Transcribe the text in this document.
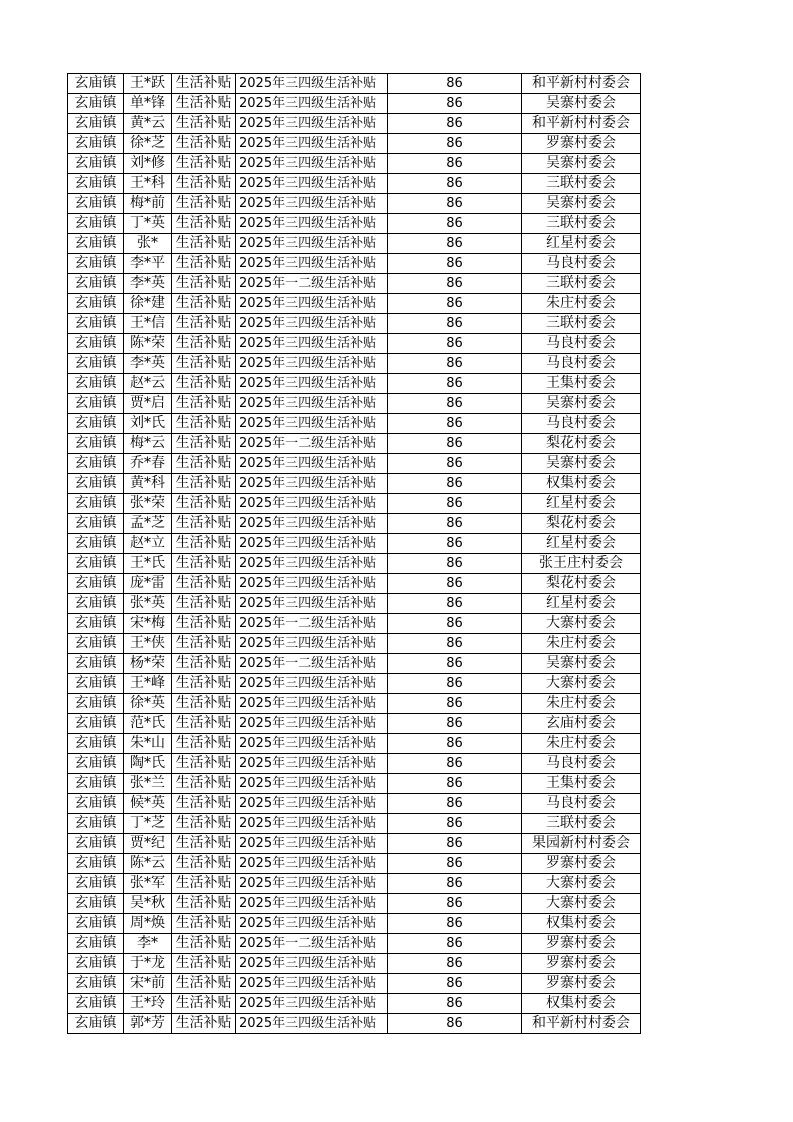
玄庙镇	王*跃	生活补贴	2025年三四级生活补贴	86	和平新村村委会
玄庙镇	单*锋	生活补贴	2025年三四级生活补贴	86	吴寨村委会
玄庙镇	黄*云	生活补贴	2025年三四级生活补贴	86	和平新村村委会
玄庙镇	徐*芝	生活补贴	2025年三四级生活补贴	86	罗寨村委会
玄庙镇	刘*修	生活补贴	2025年三四级生活补贴	86	吴寨村委会
玄庙镇	王*科	生活补贴	2025年三四级生活补贴	86	三联村委会
玄庙镇	梅*前	生活补贴	2025年三四级生活补贴	86	吴寨村委会
玄庙镇	丁*英	生活补贴	2025年三四级生活补贴	86	三联村委会
玄庙镇	张*	生活补贴	2025年三四级生活补贴	86	红星村委会
玄庙镇	李*平	生活补贴	2025年三四级生活补贴	86	马良村委会
玄庙镇	李*英	生活补贴	2025年一二级生活补贴	86	三联村委会
玄庙镇	徐*建	生活补贴	2025年三四级生活补贴	86	朱庄村委会
玄庙镇	王*信	生活补贴	2025年三四级生活补贴	86	三联村委会
玄庙镇	陈*荣	生活补贴	2025年三四级生活补贴	86	马良村委会
玄庙镇	李*英	生活补贴	2025年三四级生活补贴	86	马良村委会
玄庙镇	赵*云	生活补贴	2025年三四级生活补贴	86	王集村委会
玄庙镇	贾*启	生活补贴	2025年三四级生活补贴	86	吴寨村委会
玄庙镇	刘*氏	生活补贴	2025年三四级生活补贴	86	马良村委会
玄庙镇	梅*云	生活补贴	2025年一二级生活补贴	86	梨花村委会
玄庙镇	乔*春	生活补贴	2025年三四级生活补贴	86	吴寨村委会
玄庙镇	黄*科	生活补贴	2025年三四级生活补贴	86	权集村委会
玄庙镇	张*荣	生活补贴	2025年三四级生活补贴	86	红星村委会
玄庙镇	孟*芝	生活补贴	2025年三四级生活补贴	86	梨花村委会
玄庙镇	赵*立	生活补贴	2025年三四级生活补贴	86	红星村委会
玄庙镇	王*氏	生活补贴	2025年三四级生活补贴	86	张王庄村委会
玄庙镇	庞*雷	生活补贴	2025年三四级生活补贴	86	梨花村委会
玄庙镇	张*英	生活补贴	2025年三四级生活补贴	86	红星村委会
玄庙镇	宋*梅	生活补贴	2025年一二级生活补贴	86	大寨村委会
玄庙镇	王*侠	生活补贴	2025年三四级生活补贴	86	朱庄村委会
玄庙镇	杨*荣	生活补贴	2025年一二级生活补贴	86	吴寨村委会
玄庙镇	王*峰	生活补贴	2025年三四级生活补贴	86	大寨村委会
玄庙镇	徐*英	生活补贴	2025年三四级生活补贴	86	朱庄村委会
玄庙镇	范*氏	生活补贴	2025年三四级生活补贴	86	玄庙村委会
玄庙镇	朱*山	生活补贴	2025年三四级生活补贴	86	朱庄村委会
玄庙镇	陶*氏	生活补贴	2025年三四级生活补贴	86	马良村委会
玄庙镇	张*兰	生活补贴	2025年三四级生活补贴	86	王集村委会
玄庙镇	候*英	生活补贴	2025年三四级生活补贴	86	马良村委会
玄庙镇	丁*芝	生活补贴	2025年三四级生活补贴	86	三联村委会
玄庙镇	贾*纪	生活补贴	2025年三四级生活补贴	86	果园新村村委会
玄庙镇	陈*云	生活补贴	2025年三四级生活补贴	86	罗寨村委会
玄庙镇	张*军	生活补贴	2025年三四级生活补贴	86	大寨村委会
玄庙镇	吴*秋	生活补贴	2025年三四级生活补贴	86	大寨村委会
玄庙镇	周*焕	生活补贴	2025年三四级生活补贴	86	权集村委会
玄庙镇	李*	生活补贴	2025年一二级生活补贴	86	罗寨村委会
玄庙镇	于*龙	生活补贴	2025年三四级生活补贴	86	罗寨村委会
玄庙镇	宋*前	生活补贴	2025年三四级生活补贴	86	罗寨村委会
玄庙镇	王*玲	生活补贴	2025年三四级生活补贴	86	权集村委会
玄庙镇	郭*芳	生活补贴	2025年三四级生活补贴	86	和平新村村委会
